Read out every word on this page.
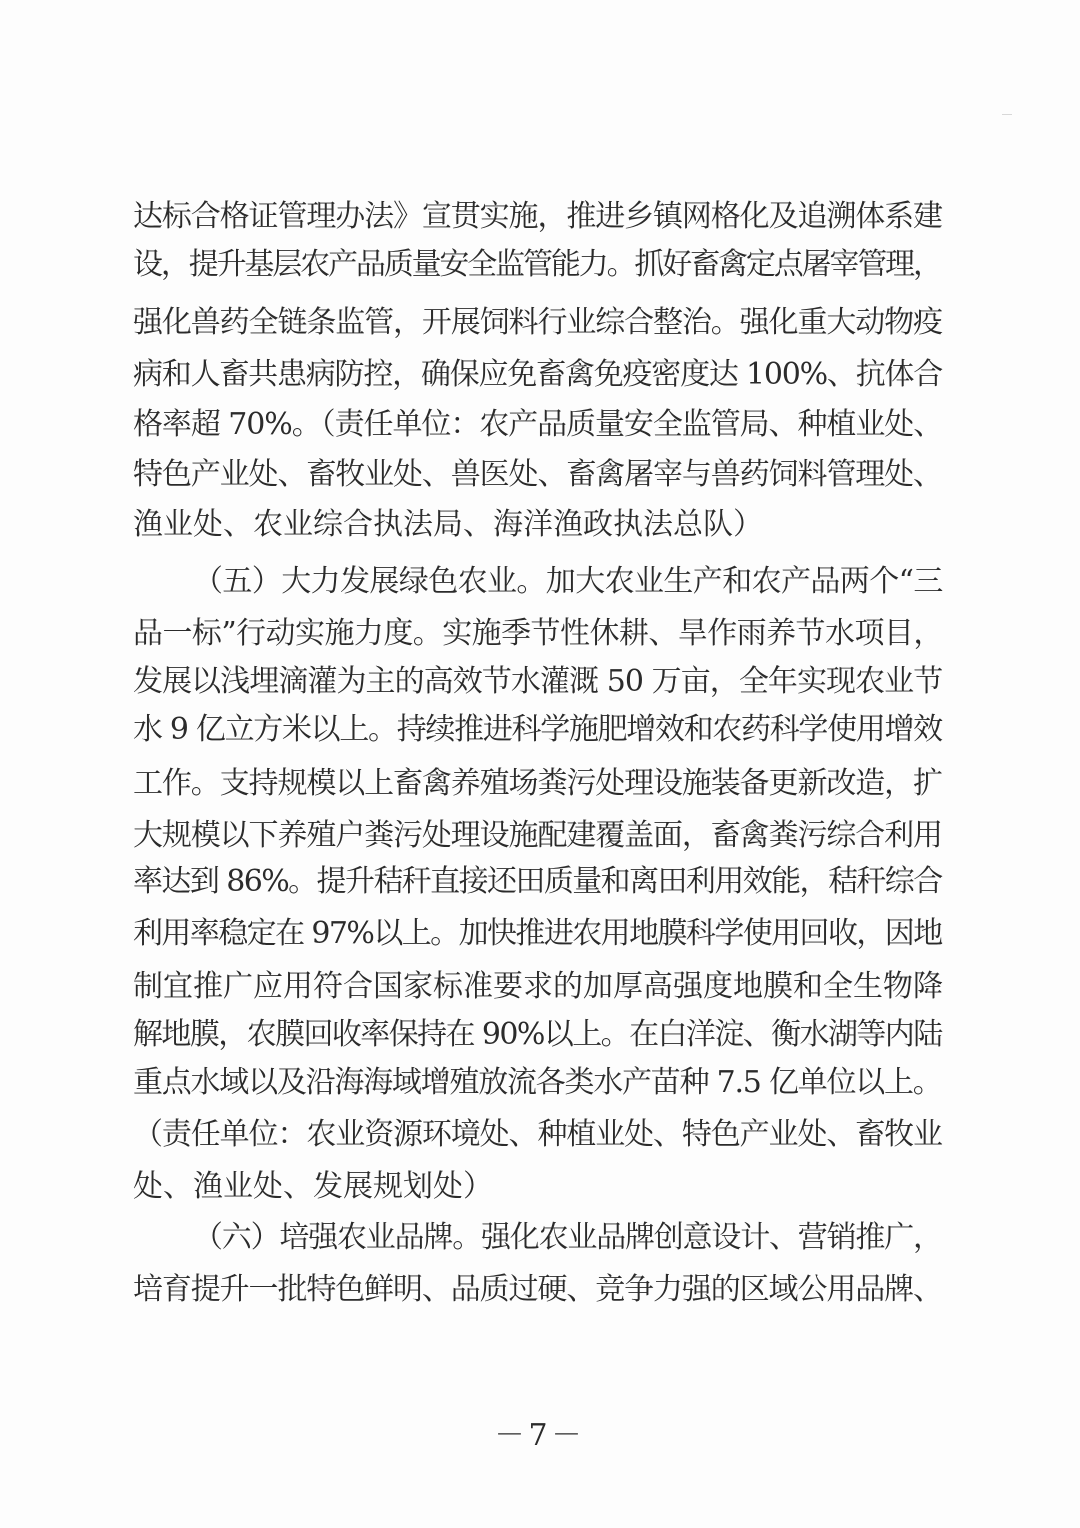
达标合格证管理办法》宣贯实施，推进乡镇网格化及追溯体系建
设，提升基层农产品质量安全监管能力。抓好畜禽定点屠宰管理，
强化兽药全链条监管，开展饲料行业综合整治。强化重大动物疫
病和人畜共患病防控，确保应免畜禽免疫密度达 100%、抗体合
格率超 70%。（责任单位：农产品质量安全监管局、种植业处、
特色产业处、畜牧业处、兽医处、畜禽屠宰与兽药饲料管理处、
渔业处、农业综合执法局、海洋渔政执法总队）
（五）大力发展绿色农业。加大农业生产和农产品两个“三
品一标”行动实施力度。实施季节性休耕、旱作雨养节水项目，
发展以浅埋滴灌为主的高效节水灌溉 50 万亩，全年实现农业节
水 9 亿立方米以上。持续推进科学施肥增效和农药科学使用增效
工作。支持规模以上畜禽养殖场粪污处理设施装备更新改造，扩
大规模以下养殖户粪污处理设施配建覆盖面，畜禽粪污综合利用
率达到 86%。提升秸秆直接还田质量和离田利用效能，秸秆综合
利用率稳定在 97%以上。加快推进农用地膜科学使用回收，因地
制宜推广应用符合国家标准要求的加厚高强度地膜和全生物降
解地膜，农膜回收率保持在 90%以上。在白洋淀、衡水湖等内陆
重点水域以及沿海海域增殖放流各类水产苗种 7.5 亿单位以上。
（责任单位：农业资源环境处、种植业处、特色产业处、畜牧业
处、渔业处、发展规划处）
（六）培强农业品牌。强化农业品牌创意设计、营销推广，
培育提升一批特色鲜明、品质过硬、竞争力强的区域公用品牌、
－7－
